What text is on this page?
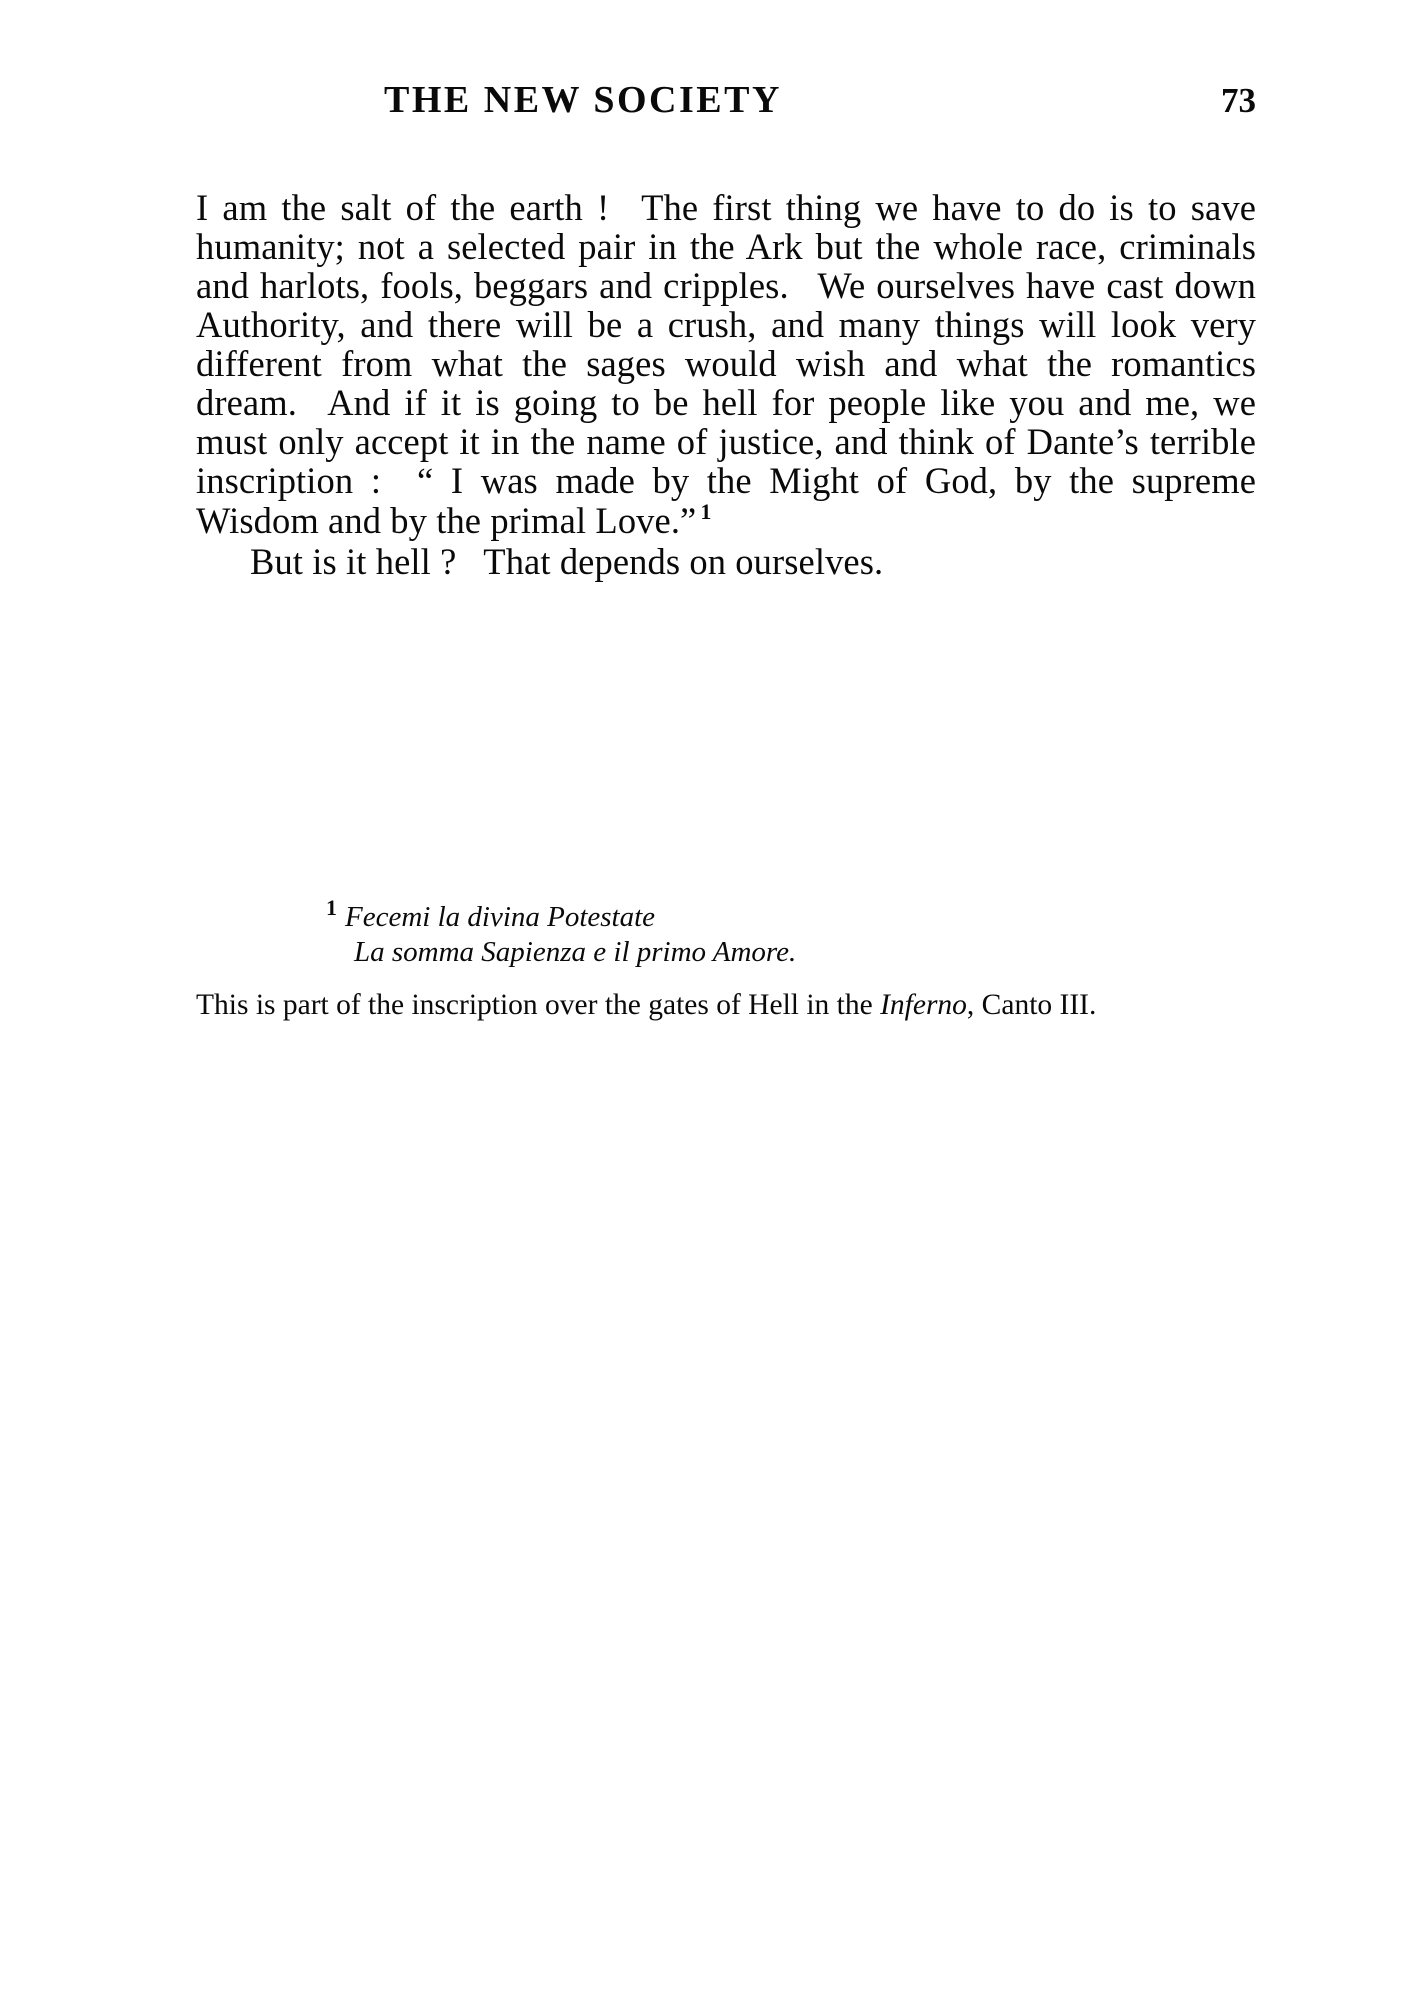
THE NEW SOCIETY	73

I am the salt of the earth !  The first thing we have to do is to save humanity; not a selected pair in the Ark but the whole race, criminals and harlots, fools, beggars and cripples.  We ourselves have cast down Authority, and there will be a crush, and many things will look very different from what the sages would wish and what the romantics dream.  And if it is going to be hell for people like you and me, we must only accept it in the name of justice, and think of Dante’s terrible inscription :  “ I was made by the Might of God, by the supreme Wisdom and by the primal Love.” $^1$

But is it hell ?  That depends on ourselves.

$^1$ Fecemi la divina Potestate
La somma Sapienza e il primo Amore.
This is part of the inscription over the gates of Hell in the Inferno, Canto III.
